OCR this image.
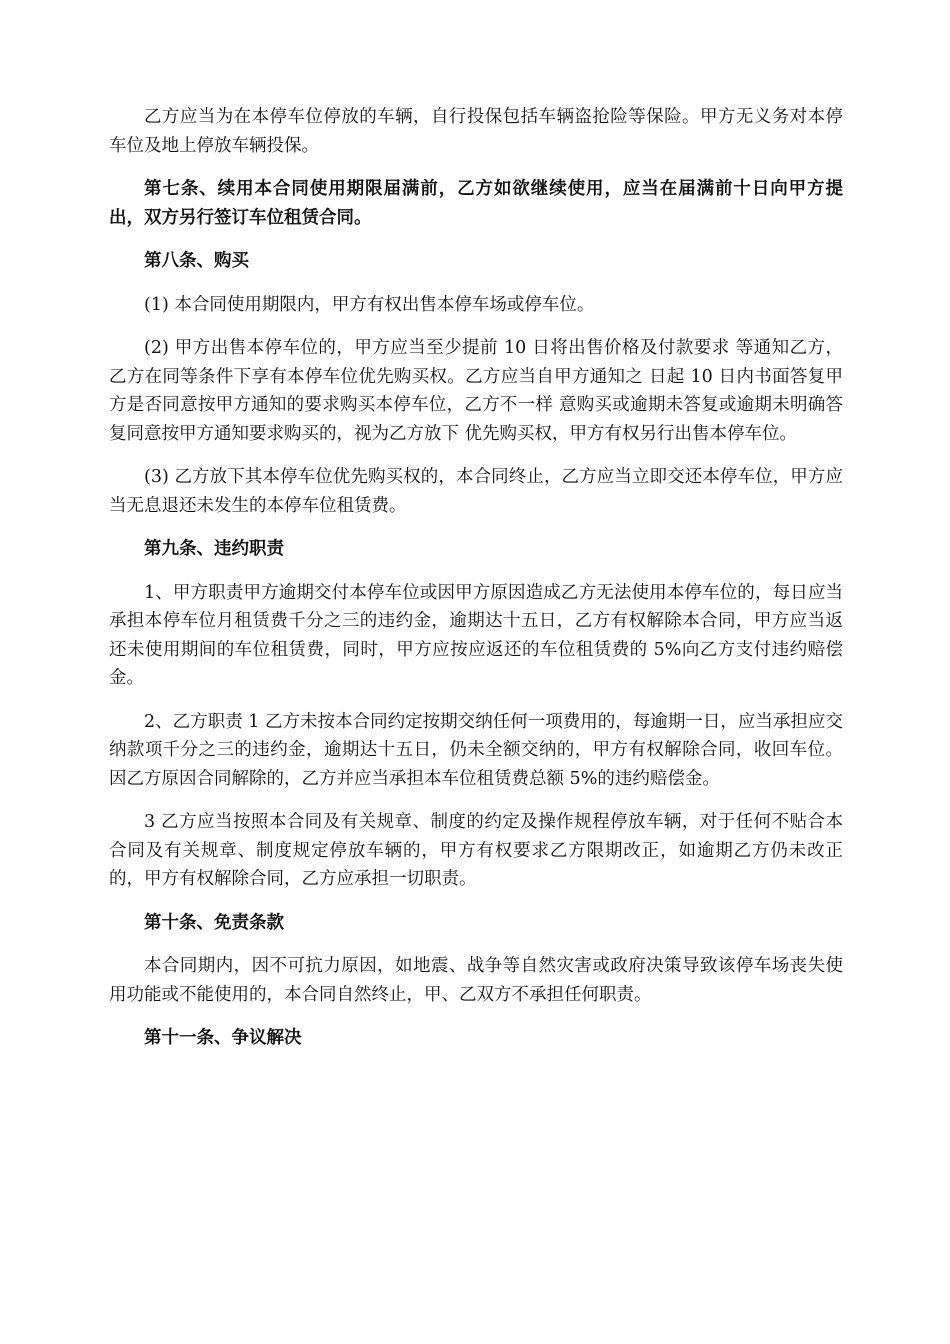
乙方应当为在本停车位停放的车辆，自行投保包括车辆盗抢险等保险。甲方无义务对本停车位及地上停放车辆投保。

第七条、续用本合同使用期限届满前，乙方如欲继续使用，应当在届满前十日向甲方提出，双方另行签订车位租赁合同。

第八条、购买

(1) 本合同使用期限内，甲方有权出售本停车场或停车位。

(2) 甲方出售本停车位的，甲方应当至少提前 10 日将出售价格及付款要求 等通知乙方，乙方在同等条件下享有本停车位优先购买权。乙方应当自甲方通知之 日起 10 日内书面答复甲方是否同意按甲方通知的要求购买本停车位，乙方不一样 意购买或逾期未答复或逾期未明确答复同意按甲方通知要求购买的，视为乙方放下 优先购买权，甲方有权另行出售本停车位。

(3) 乙方放下其本停车位优先购买权的，本合同终止，乙方应当立即交还本停车位，甲方应当无息退还未发生的本停车位租赁费。

第九条、违约职责

1、甲方职责甲方逾期交付本停车位或因甲方原因造成乙方无法使用本停车位的，每日应当承担本停车位月租赁费千分之三的违约金，逾期达十五日，乙方有权解除本合同，甲方应当返还未使用期间的车位租赁费，同时，甲方应按应返还的车位租赁费的 5%向乙方支付违约赔偿金。

2、乙方职责 1 乙方未按本合同约定按期交纳任何一项费用的，每逾期一日，应当承担应交纳款项千分之三的违约金，逾期达十五日，仍未全额交纳的，甲方有权解除合同，收回车位。因乙方原因合同解除的，乙方并应当承担本车位租赁费总额 5%的违约赔偿金。

3 乙方应当按照本合同及有关规章、制度的约定及操作规程停放车辆，对于任何不贴合本合同及有关规章、制度规定停放车辆的，甲方有权要求乙方限期改正，如逾期乙方仍未改正的，甲方有权解除合同，乙方应承担一切职责。

第十条、免责条款

本合同期内，因不可抗力原因，如地震、战争等自然灾害或政府决策导致该停车场丧失使用功能或不能使用的，本合同自然终止，甲、乙双方不承担任何职责。

第十一条、争议解决
